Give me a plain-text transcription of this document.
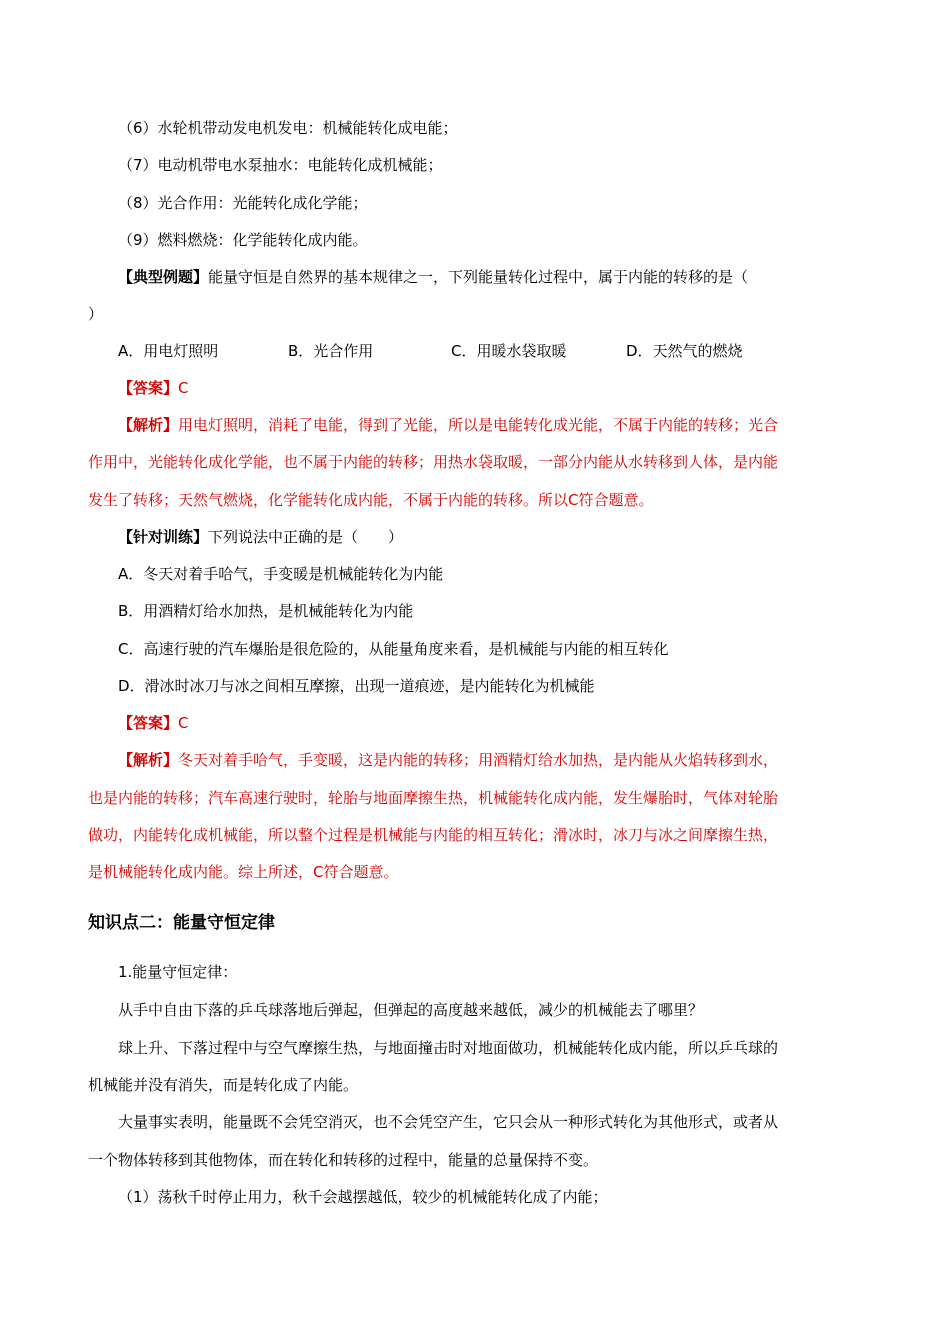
（6）水轮机带动发电机发电：机械能转化成电能；
（7）电动机带电水泵抽水：电能转化成机械能；
（8）光合作用：光能转化成化学能；
（9）燃料燃烧：化学能转化成内能。
【典型例题】能量守恒是自然界的基本规律之一，下列能量转化过程中，属于内能的转移的是（
）
A．用电灯照明	B．光合作用	C．用暖水袋取暖	D．天然气的燃烧
【答案】C
【解析】用电灯照明，消耗了电能，得到了光能，所以是电能转化成光能，不属于内能的转移；光合
作用中，光能转化成化学能，也不属于内能的转移；用热水袋取暖，一部分内能从水转移到人体，是内能
发生了转移；天然气燃烧，化学能转化成内能，不属于内能的转移。所以C符合题意。
【针对训练】下列说法中正确的是（　　）
A．冬天对着手哈气，手变暖是机械能转化为内能
B．用酒精灯给水加热，是机械能转化为内能
C．高速行驶的汽车爆胎是很危险的，从能量角度来看，是机械能与内能的相互转化
D．滑冰时冰刀与冰之间相互摩擦，出现一道痕迹，是内能转化为机械能
【答案】C
【解析】冬天对着手哈气，手变暖，这是内能的转移；用酒精灯给水加热，是内能从火焰转移到水，
也是内能的转移；汽车高速行驶时，轮胎与地面摩擦生热，机械能转化成内能，发生爆胎时，气体对轮胎
做功，内能转化成机械能，所以整个过程是机械能与内能的相互转化；滑冰时，冰刀与冰之间摩擦生热，
是机械能转化成内能。综上所述，C符合题意。
知识点二：能量守恒定律
1.能量守恒定律：
从手中自由下落的乒乓球落地后弹起，但弹起的高度越来越低，减少的机械能去了哪里？
球上升、下落过程中与空气摩擦生热，与地面撞击时对地面做功，机械能转化成内能，所以乒乓球的
机械能并没有消失，而是转化成了内能。
大量事实表明，能量既不会凭空消灭，也不会凭空产生，它只会从一种形式转化为其他形式，或者从
一个物体转移到其他物体，而在转化和转移的过程中，能量的总量保持不变。
（1）荡秋千时停止用力，秋千会越摆越低，较少的机械能转化成了内能；
